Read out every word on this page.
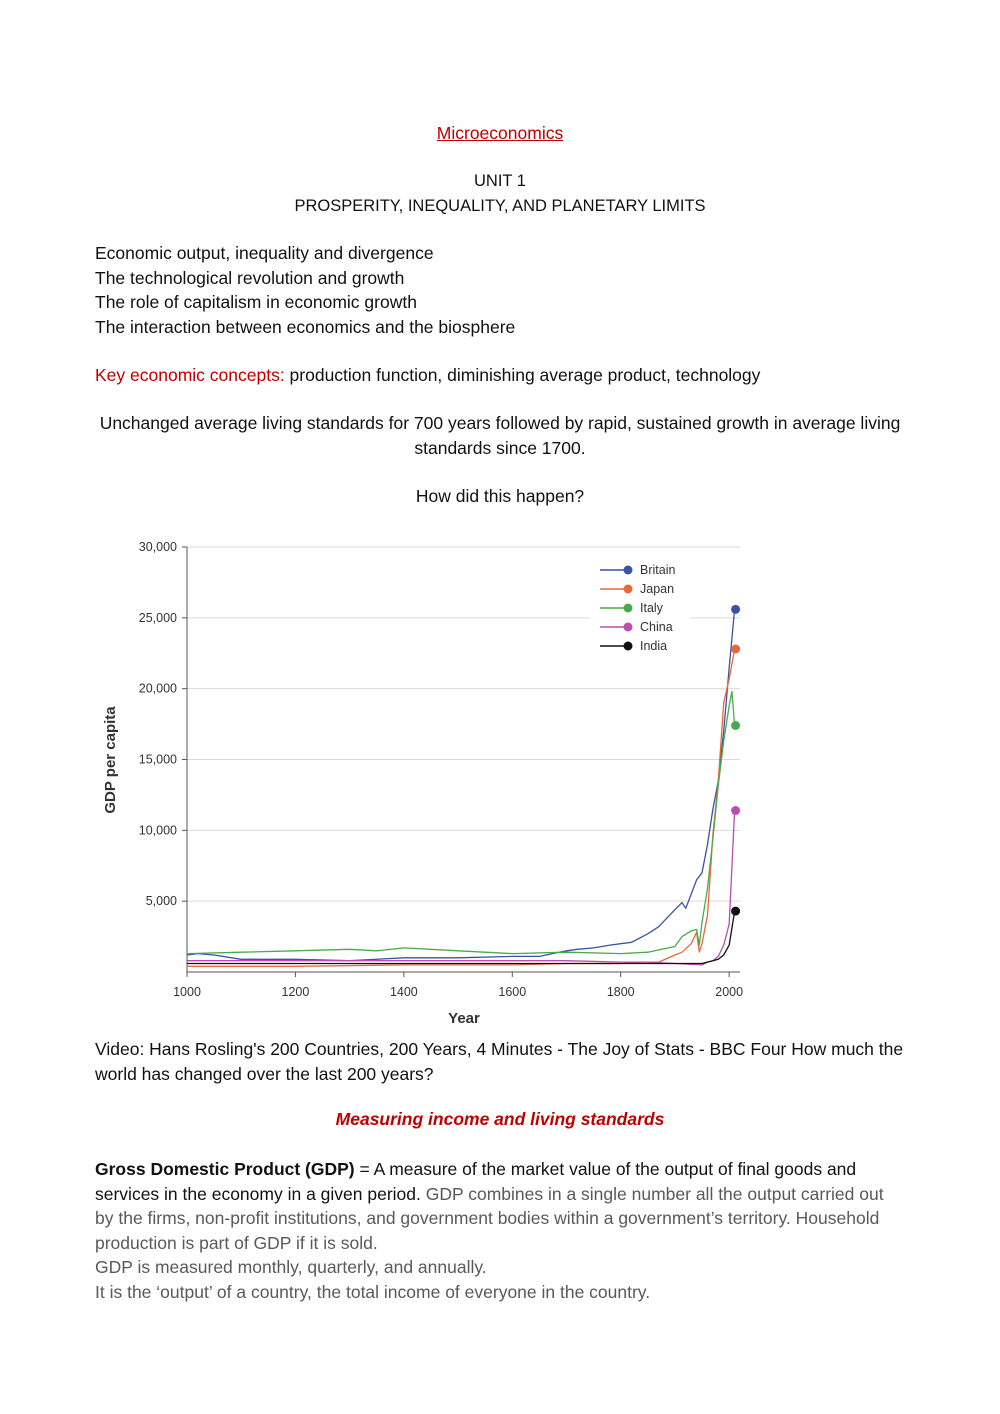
Microeconomics
UNIT 1
PROSPERITY, INEQUALITY, AND PLANETARY LIMITS
Economic output, inequality and divergence
The technological revolution and growth
The role of capitalism in economic growth
The interaction between economics and the biosphere
Key economic concepts: production function, diminishing average product, technology
Unchanged average living standards for 700 years followed by rapid, sustained growth in average living standards since 1700.
How did this happen?
Video: Hans Rosling's 200 Countries, 200 Years, 4 Minutes - The Joy of Stats - BBC Four How much the world has changed over the last 200 years?
Measuring income and living standards
Gross Domestic Product (GDP) = A measure of the market value of the output of final goods and services in the economy in a given period. GDP combines in a single number all the output carried out by the firms, non-profit institutions, and government bodies within a government’s territory. Household production is part of GDP if it is sold.
GDP is measured monthly, quarterly, and annually.
It is the ‘output’ of a country, the total income of everyone in the country.
5,000
10,000
15,000
20,000
25,000
30,000
1000	1200	1400	1600	1800	2000
Britain
Japan
Italy
China
India
Year
GDP per capita
